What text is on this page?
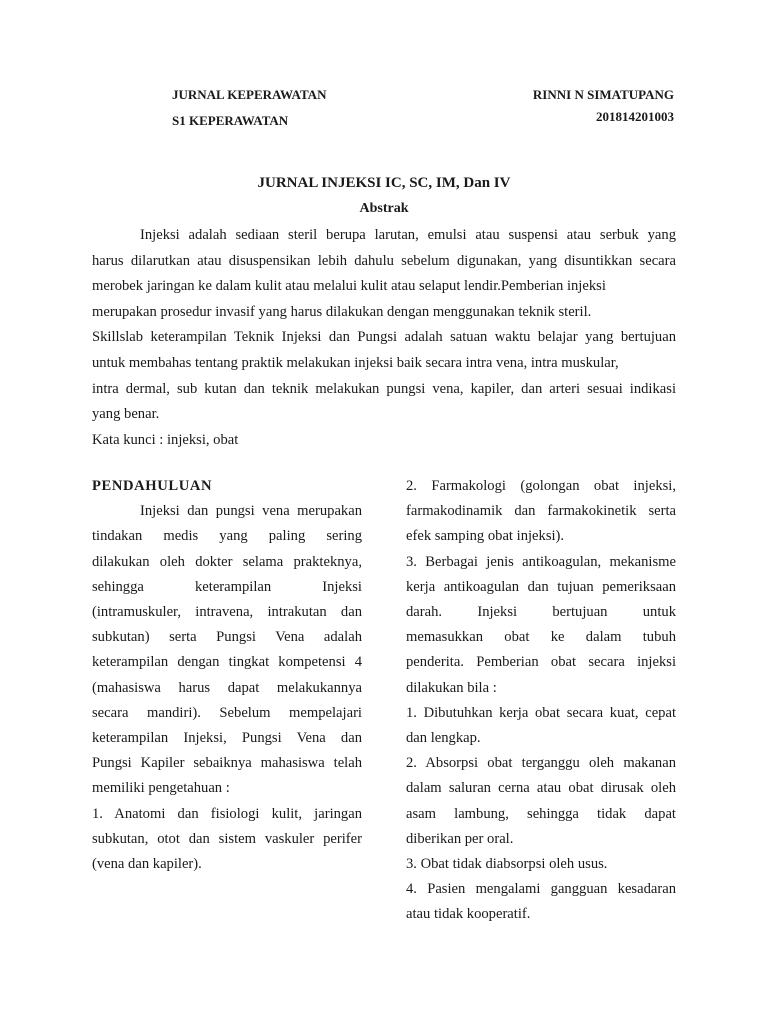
JURNAL KEPERAWATAN
S1 KEPERAWATAN
RINNI N SIMATUPANG
201814201003
JURNAL INJEKSI IC, SC, IM, Dan IV
Abstrak
Injeksi adalah sediaan steril berupa larutan, emulsi atau suspensi atau serbuk yang
harus dilarutkan atau disuspensikan lebih dahulu sebelum digunakan, yang disuntikkan secara
merobek jaringan ke dalam kulit atau melalui kulit atau selaput lendir.Pemberian injeksi
merupakan prosedur invasif yang harus dilakukan dengan menggunakan teknik steril.
Skillslab keterampilan Teknik Injeksi dan Pungsi adalah satuan waktu belajar yang bertujuan
untuk membahas tentang praktik melakukan injeksi baik secara intra vena, intra muskular,
intra dermal, sub kutan dan teknik melakukan pungsi vena, kapiler, dan arteri sesuai indikasi
yang benar.
Kata kunci : injeksi, obat
PENDAHULUAN
Injeksi dan pungsi vena merupakan
tindakan medis yang paling sering
dilakukan oleh dokter selama prakteknya,
sehingga keterampilan Injeksi
(intramuskuler, intravena, intrakutan dan
subkutan) serta Pungsi Vena adalah
keterampilan dengan tingkat kompetensi 4
(mahasiswa harus dapat melakukannya
secara mandiri). Sebelum mempelajari
keterampilan Injeksi, Pungsi Vena dan
Pungsi Kapiler sebaiknya mahasiswa telah
memiliki pengetahuan :
1. Anatomi dan fisiologi kulit, jaringan
subkutan, otot dan sistem vaskuler perifer
(vena dan kapiler).
2. Farmakologi (golongan obat injeksi,
farmakodinamik dan farmakokinetik serta
efek samping obat injeksi).
3. Berbagai jenis antikoagulan, mekanisme
kerja antikoagulan dan tujuan pemeriksaan
darah. Injeksi bertujuan untuk
memasukkan obat ke dalam tubuh
penderita. Pemberian obat secara injeksi
dilakukan bila :
1. Dibutuhkan kerja obat secara kuat, cepat
dan lengkap.
2. Absorpsi obat terganggu oleh makanan
dalam saluran cerna atau obat dirusak oleh
asam lambung, sehingga tidak dapat
diberikan per oral.
3. Obat tidak diabsorpsi oleh usus.
4. Pasien mengalami gangguan kesadaran
atau tidak kooperatif.
